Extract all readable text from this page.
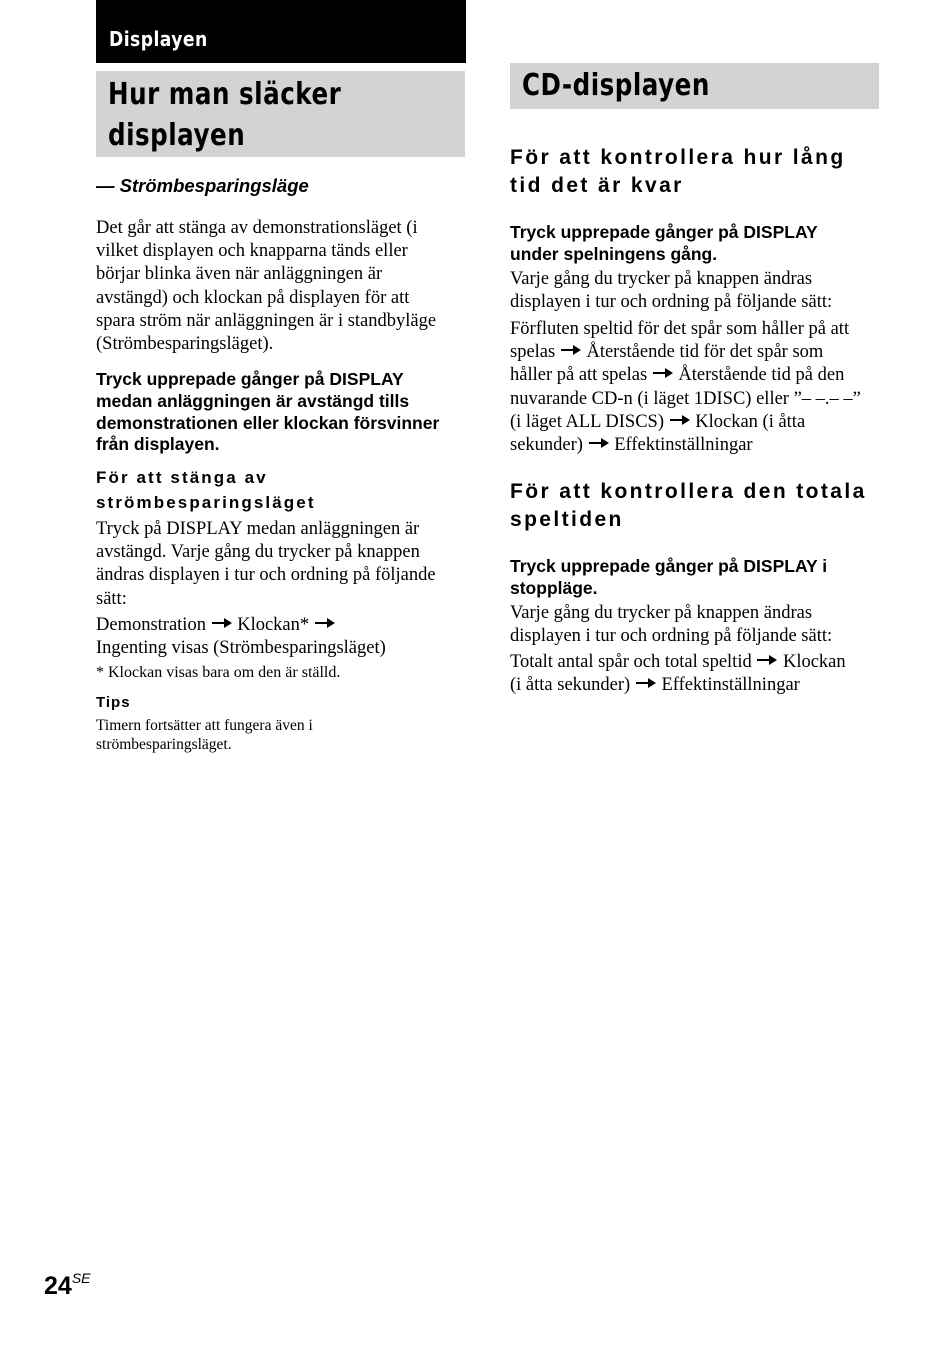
Displayen
Hur man släcker
displayen
CD-displayen
— Strömbesparingsläge
Det går att stänga av demonstrationsläget (i
vilket displayen och knapparna tänds eller
börjar blinka även när anläggningen är
avstängd) och klockan på displayen för att
spara ström när anläggningen är i standbyläge
(Strömbesparingsläget).
Tryck upprepade gånger på DISPLAY
medan anläggningen är avstängd tills
demonstrationen eller klockan försvinner
från displayen.
För att stänga av
strömbesparingsläget
Tryck på DISPLAY medan anläggningen är
avstängd. Varje gång du trycker på knappen
ändras displayen i tur och ordning på följande
sätt:
Demonstration Klockan*
Ingenting visas (Strömbesparingsläget)
* Klockan visas bara om den är ställd.
Tips
Timern fortsätter att fungera även i
strömbesparingsläget.
För att kontrollera hur lång
tid det är kvar
Tryck upprepade gånger på DISPLAY
under spelningens gång.
Varje gång du trycker på knappen ändras
displayen i tur och ordning på följande sätt:
Förfluten speltid för det spår som håller på att
spelas Återstående tid för det spår som
håller på att spelas Återstående tid på den
nuvarande CD-n (i läget 1DISC) eller ”– –.– –”
(i läget ALL DISCS) Klockan (i åtta
sekunder) Effektinställningar
För att kontrollera den totala
speltiden
Tryck upprepade gånger på DISPLAY i
stoppläge.
Varje gång du trycker på knappen ändras
displayen i tur och ordning på följande sätt:
Totalt antal spår och total speltid Klockan
(i åtta sekunder) Effektinställningar
$24^{SE}$
